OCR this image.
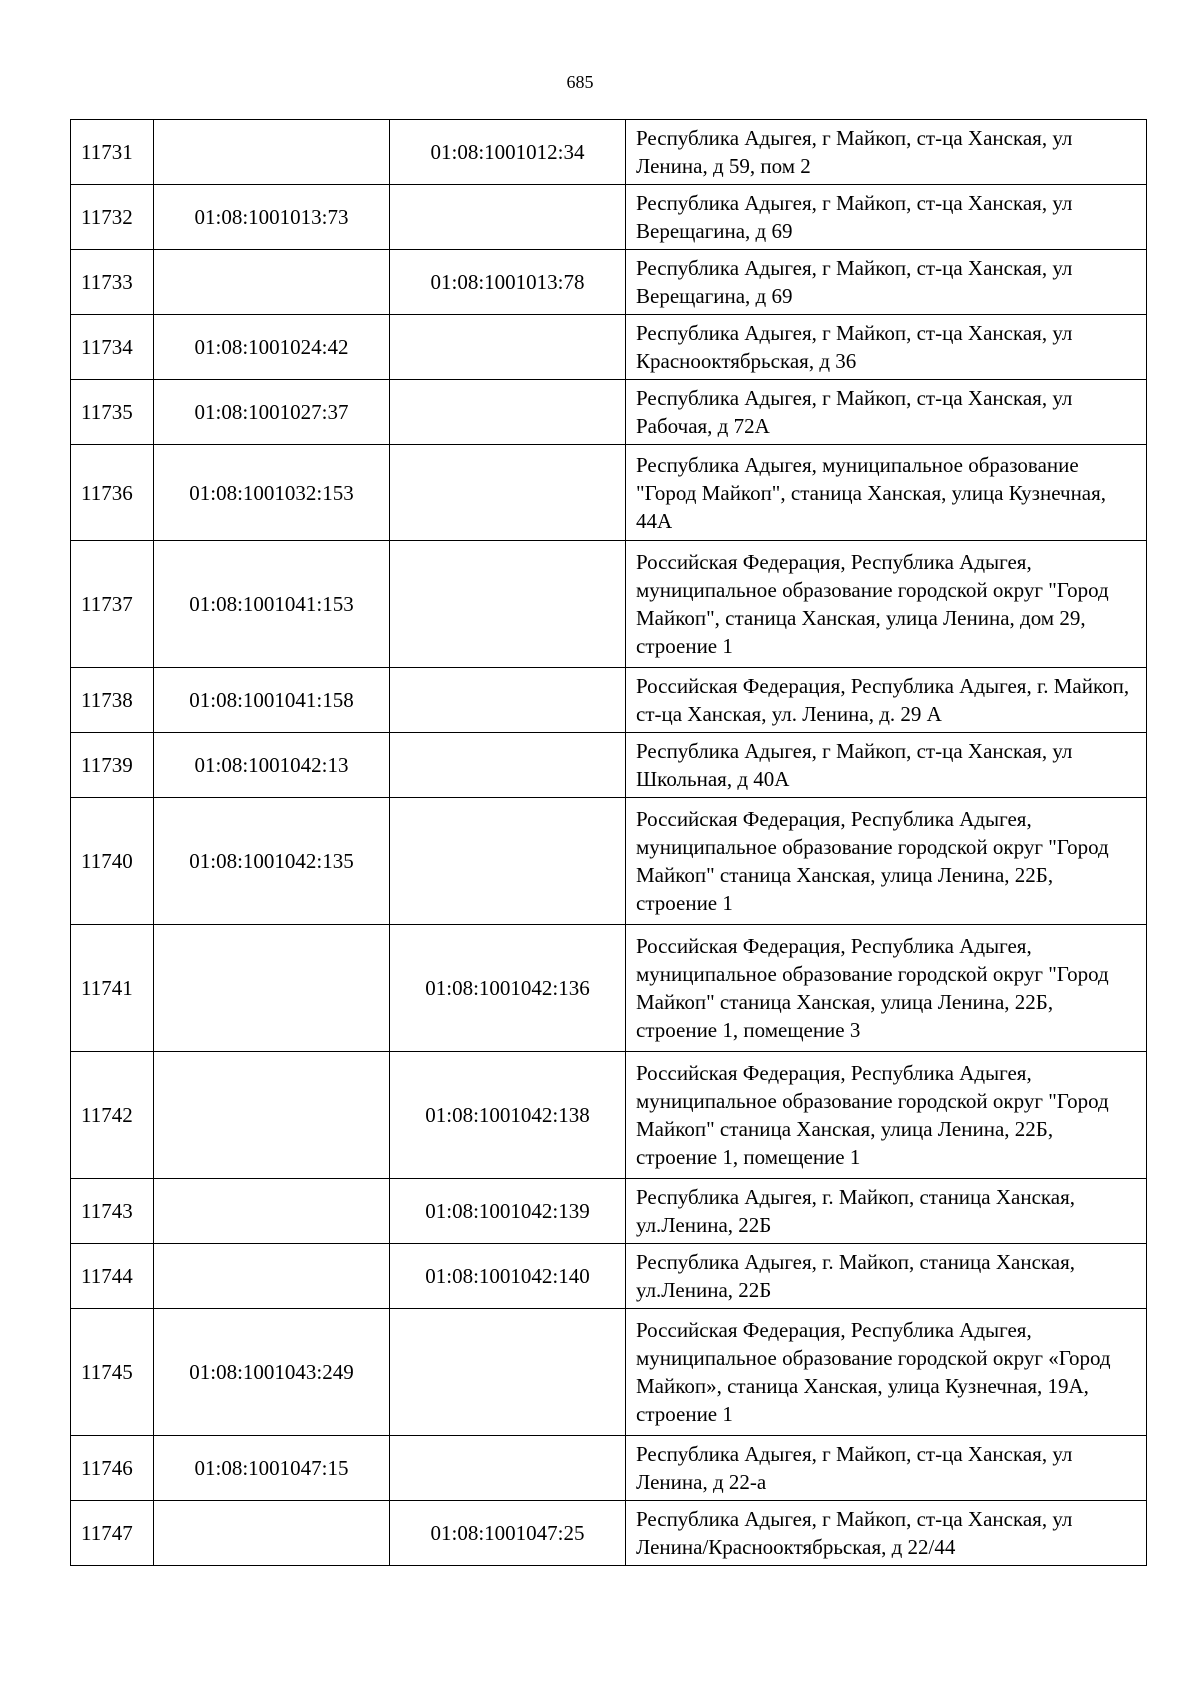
685
11731		01:08:1001012:34	Республика Адыгея, г Майкоп, ст-ца Ханская, ул Ленина, д 59, пом 2
11732	01:08:1001013:73		Республика Адыгея, г Майкоп, ст-ца Ханская, ул Верещагина, д 69
11733		01:08:1001013:78	Республика Адыгея, г Майкоп, ст-ца Ханская, ул Верещагина, д 69
11734	01:08:1001024:42		Республика Адыгея, г Майкоп, ст-ца Ханская, ул Краснооктябрьская, д 36
11735	01:08:1001027:37		Республика Адыгея, г Майкоп, ст-ца Ханская, ул Рабочая, д 72А
11736	01:08:1001032:153		Республика Адыгея, муниципальное образование "Город Майкоп", станица Ханская, улица Кузнечная, 44А
11737	01:08:1001041:153		Российская Федерация, Республика Адыгея, муниципальное образование городской округ "Город Майкоп", станица Ханская, улица Ленина, дом 29, строение 1
11738	01:08:1001041:158		Российская Федерация, Республика Адыгея, г. Майкоп, ст-ца Ханская, ул. Ленина, д. 29 А
11739	01:08:1001042:13		Республика Адыгея, г Майкоп, ст-ца Ханская, ул Школьная, д 40А
11740	01:08:1001042:135		Российская Федерация, Республика Адыгея, муниципальное образование городской округ "Город Майкоп" станица Ханская, улица Ленина, 22Б, строение 1
11741		01:08:1001042:136	Российская Федерация, Республика Адыгея, муниципальное образование городской округ "Город Майкоп" станица Ханская, улица Ленина, 22Б, строение 1, помещение 3
11742		01:08:1001042:138	Российская Федерация, Республика Адыгея, муниципальное образование городской округ "Город Майкоп" станица Ханская, улица Ленина, 22Б, строение 1, помещение 1
11743		01:08:1001042:139	Республика Адыгея, г. Майкоп, станица Ханская, ул.Ленина, 22Б
11744		01:08:1001042:140	Республика Адыгея, г. Майкоп, станица Ханская, ул.Ленина, 22Б
11745	01:08:1001043:249		Российская Федерация, Республика Адыгея, муниципальное образование городской округ «Город Майкоп», станица Ханская, улица Кузнечная, 19А, строение 1
11746	01:08:1001047:15		Республика Адыгея, г Майкоп, ст-ца Ханская, ул Ленина, д 22-а
11747		01:08:1001047:25	Республика Адыгея, г Майкоп, ст-ца Ханская, ул Ленина/Краснооктябрьская, д 22/44
